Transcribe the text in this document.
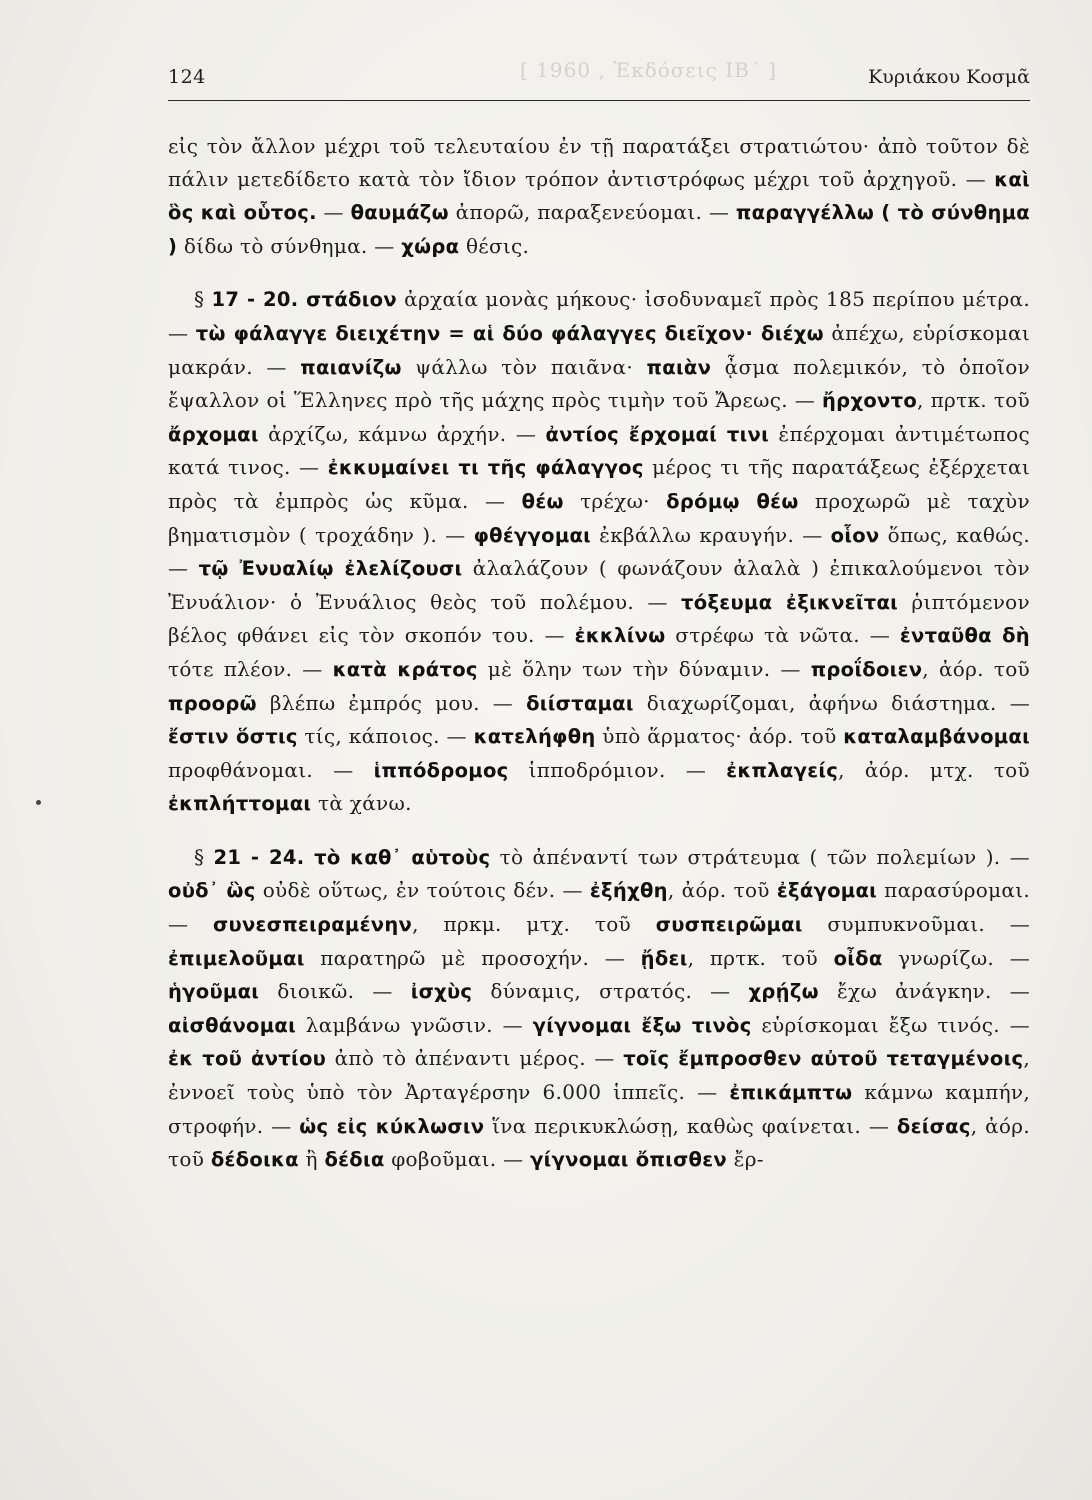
[ 1960 , Ἐκδόσεις ΙΒ΄ ]
124	Κυριάκου Κοσμᾶ

εἰς τὸν ἄλλον μέχρι τοῦ τελευταίου ἐν τῇ παρατάξει στρατιώτου· ἀπὸ τοῦτον δὲ πάλιν μετεδίδετο κατὰ τὸν ἴδιον τρόπον ἀντιστρόφως μέχρι τοῦ ἀρχηγοῦ. — καὶ ὃς καὶ οὗτος. — θαυμάζω ἀπορῶ, παραξενεύομαι. — παραγγέλλω ( τὸ σύνθημα ) δίδω τὸ σύνθημα. — χώρα θέσις.

§ 17 - 20. στάδιον ἀρχαία μονὰς μήκους· ἰσοδυναμεῖ πρὸς 185 περίπου μέτρα. — τὼ φάλαγγε διειχέτην = αἱ δύο φάλαγγες διεῖχον· διέχω ἀπέχω, εὑρίσκομαι μακράν. — παιανίζω ψάλλω τὸν παιᾶνα· παιὰν ᾆσμα πολεμικόν, τὸ ὁποῖον ἔψαλλον οἱ Ἕλληνες πρὸ τῆς μάχης πρὸς τιμὴν τοῦ Ἄρεως. — ἤρχοντο, πρτκ. τοῦ ἄρχομαι ἀρχίζω, κάμνω ἀρχήν. — ἀντίος ἔρχομαί τινι ἐπέρχομαι ἀντιμέτωπος κατά τινος. — ἐκκυμαίνει τι τῆς φάλαγγος μέρος τι τῆς παρατάξεως ἐξέρχεται πρὸς τὰ ἐμπρὸς ὡς κῦμα. — θέω τρέχω· δρόμῳ θέω προχωρῶ μὲ ταχὺν βηματισμὸν ( τροχάδην ). — φθέγγομαι ἐκβάλλω κραυγήν. — οἷον ὅπως, καθώς. — τῷ Ἐνυαλίῳ ἐλελίζουσι ἀλαλάζουν ( φωνάζουν ἀλαλὰ ) ἐπικαλούμενοι τὸν Ἐνυάλιον· ὁ Ἐνυάλιος θεὸς τοῦ πολέμου. — τόξευμα ἐξικνεῖται ῥιπτόμενον βέλος φθάνει εἰς τὸν σκοπόν του. — ἐκκλίνω στρέφω τὰ νῶτα. — ἐνταῦθα δὴ τότε πλέον. — κατὰ κράτος μὲ ὅλην των τὴν δύναμιν. — προΐδοιεν, ἀόρ. τοῦ προορῶ βλέπω ἐμπρός μου. — διίσταμαι διαχωρίζομαι, ἀφήνω διάστημα. — ἔστιν ὅστις τίς, κάποιος. — κατελήφθη ὑπὸ ἅρματος· ἀόρ. τοῦ καταλαμβάνομαι προφθάνομαι. — ἱππόδρομος ἱπποδρόμιον. — ἐκπλαγείς, ἀόρ. μτχ. τοῦ ἐκπλήττομαι τὰ χάνω.

§ 21 - 24. τὸ καθ᾽ αὑτοὺς τὸ ἀπέναντί των στράτευμα ( τῶν πολεμίων ). — οὐδ᾽ ὣς οὐδὲ οὕτως, ἐν τούτοις δέν. — ἐξήχθη, ἀόρ. τοῦ ἐξάγομαι παρασύρομαι. — συνεσπειραμένην, πρκμ. μτχ. τοῦ συσπειρῶμαι συμπυκνοῦμαι. — ἐπιμελοῦμαι παρατηρῶ μὲ προσοχήν. — ᾔδει, πρτκ. τοῦ οἶδα γνωρίζω. — ἡγοῦμαι διοικῶ. — ἰσχὺς δύναμις, στρατός. — χρῄζω ἔχω ἀνάγκην. — αἰσθάνομαι λαμβάνω γνῶσιν. — γίγνομαι ἔξω τινὸς εὑρίσκομαι ἔξω τινός. — ἐκ τοῦ ἀντίου ἀπὸ τὸ ἀπέναντι μέρος. — τοῖς ἔμπροσθεν αὐτοῦ τεταγμένοις, ἐννοεῖ τοὺς ὑπὸ τὸν Ἀρταγέρσην 6.000 ἱππεῖς. — ἐπικάμπτω κάμνω καμπήν, στροφήν. — ὡς εἰς κύκλωσιν ἵνα περικυκλώσῃ, καθὼς φαίνεται. — δείσας, ἀόρ. τοῦ δέδοικα ἢ δέδια φοβοῦμαι. — γίγνομαι ὄπισθεν ἔρ-
